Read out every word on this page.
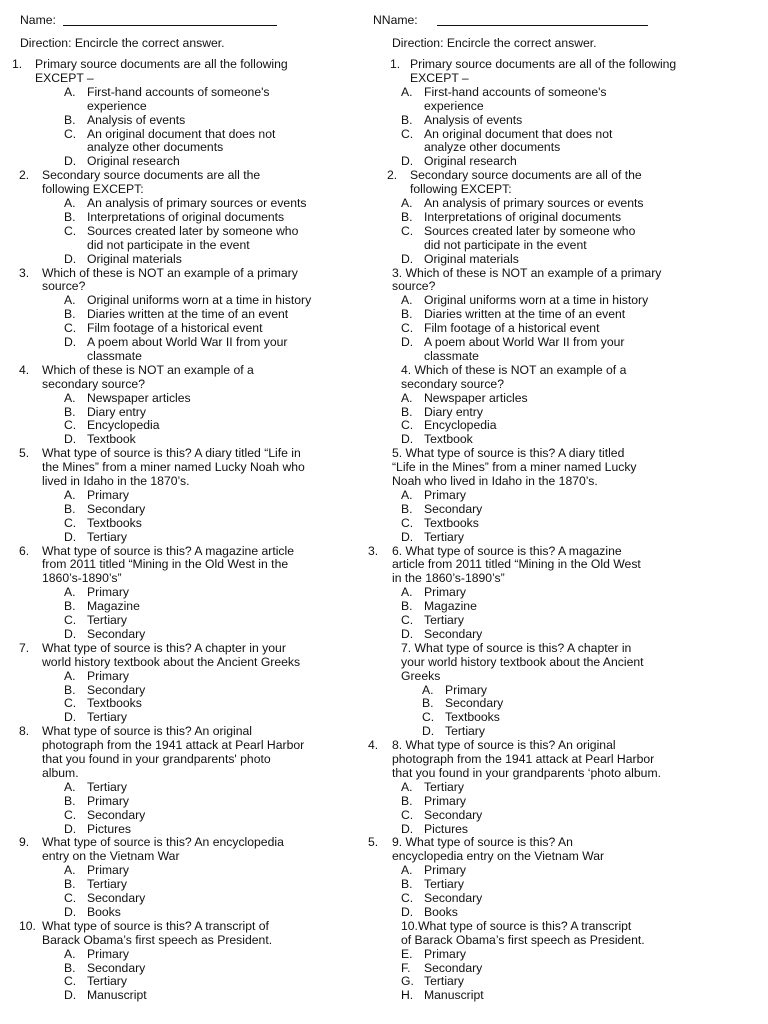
Name:
Direction: Encircle the correct answer.
1. Primary source documents are all the following
EXCEPT –
A. First-hand accounts of someone's
experience
B. Analysis of events
C. An original document that does not
analyze other documents
D. Original research
2. Secondary source documents are all the
following EXCEPT:
A. An analysis of primary sources or events
B. Interpretations of original documents
C. Sources created later by someone who
did not participate in the event
D. Original materials
3. Which of these is NOT an example of a primary
source?
A. Original uniforms worn at a time in history
B. Diaries written at the time of an event
C. Film footage of a historical event
D. A poem about World War II from your
classmate
4. Which of these is NOT an example of a
secondary source?
A. Newspaper articles
B. Diary entry
C. Encyclopedia
D. Textbook
5. What type of source is this? A diary titled “Life in
the Mines” from a miner named Lucky Noah who
lived in Idaho in the 1870’s.
A. Primary
B. Secondary
C. Textbooks
D. Tertiary
6. What type of source is this? A magazine article
from 2011 titled “Mining in the Old West in the
1860’s-1890’s”
A. Primary
B. Magazine
C. Tertiary
D. Secondary
7. What type of source is this? A chapter in your
world history textbook about the Ancient Greeks
A. Primary
B. Secondary
C. Textbooks
D. Tertiary
8. What type of source is this? An original
photograph from the 1941 attack at Pearl Harbor
that you found in your grandparents' photo
album.
A. Tertiary
B. Primary
C. Secondary
D. Pictures
9. What type of source is this? An encyclopedia
entry on the Vietnam War
A. Primary
B. Tertiary
C. Secondary
D. Books
10. What type of source is this? A transcript of
Barack Obama’s first speech as President.
A. Primary
B. Secondary
C. Tertiary
D. Manuscript
NName:
Direction: Encircle the correct answer.
1. Primary source documents are all of the following
EXCEPT –
A. First-hand accounts of someone's
experience
B. Analysis of events
C. An original document that does not
analyze other documents
D. Original research
2. Secondary source documents are all of the
following EXCEPT:
A. An analysis of primary sources or events
B. Interpretations of original documents
C. Sources created later by someone who
did not participate in the event
D. Original materials
3. Which of these is NOT an example of a primary
source?
A. Original uniforms worn at a time in history
B. Diaries written at the time of an event
C. Film footage of a historical event
D. A poem about World War II from your
classmate
4. Which of these is NOT an example of a
secondary source?
A. Newspaper articles
B. Diary entry
C. Encyclopedia
D. Textbook
5. What type of source is this? A diary titled
“Life in the Mines” from a miner named Lucky
Noah who lived in Idaho in the 1870’s.
A. Primary
B. Secondary
C. Textbooks
D. Tertiary
3. 6. What type of source is this? A magazine
article from 2011 titled “Mining in the Old West
in the 1860’s-1890’s”
A. Primary
B. Magazine
C. Tertiary
D. Secondary
7. What type of source is this? A chapter in
your world history textbook about the Ancient
Greeks
A. Primary
B. Secondary
C. Textbooks
D. Tertiary
4. 8. What type of source is this? An original
photograph from the 1941 attack at Pearl Harbor
that you found in your grandparents ‘photo album.
A. Tertiary
B. Primary
C. Secondary
D. Pictures
5. 9. What type of source is this? An
encyclopedia entry on the Vietnam War
A. Primary
B. Tertiary
C. Secondary
D. Books
10.What type of source is this? A transcript
of Barack Obama’s first speech as President.
E. Primary
F. Secondary
G. Tertiary
H. Manuscript
